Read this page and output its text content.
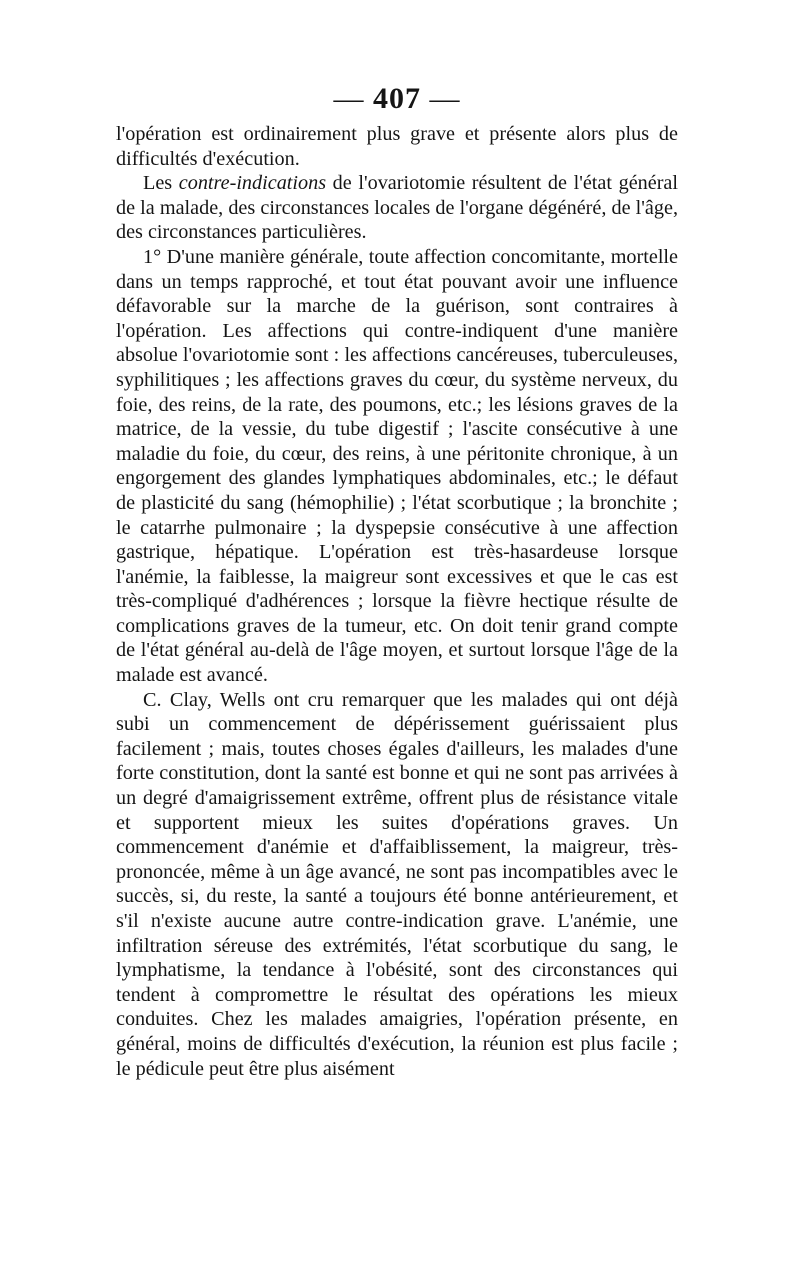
— 407 —

l'opération est ordinairement plus grave et présente alors plus de difficultés d'exécution.

Les contre-indications de l'ovariotomie résultent de l'état général de la malade, des circonstances locales de l'organe dégénéré, de l'âge, des circonstances particulières.

1° D'une manière générale, toute affection concomitante, mortelle dans un temps rapproché, et tout état pouvant avoir une influence défavorable sur la marche de la guérison, sont contraires à l'opération. Les affections qui contre-indiquent d'une manière absolue l'ovariotomie sont : les affections cancéreuses, tuberculeuses, syphilitiques ; les affections graves du cœur, du système nerveux, du foie, des reins, de la rate, des poumons, etc.; les lésions graves de la matrice, de la vessie, du tube digestif ; l'ascite consécutive à une maladie du foie, du cœur, des reins, à une péritonite chronique, à un engorgement des glandes lymphatiques abdominales, etc.; le défaut de plasticité du sang (hémophilie) ; l'état scorbutique ; la bronchite ; le catarrhe pulmonaire ; la dyspepsie consécutive à une affection gastrique, hépatique. L'opération est très-hasardeuse lorsque l'anémie, la faiblesse, la maigreur sont excessives et que le cas est très-compliqué d'adhérences ; lorsque la fièvre hectique résulte de complications graves de la tumeur, etc. On doit tenir grand compte de l'état général au-delà de l'âge moyen, et surtout lorsque l'âge de la malade est avancé.

C. Clay, Wells ont cru remarquer que les malades qui ont déjà subi un commencement de dépérissement guérissaient plus facilement ; mais, toutes choses égales d'ailleurs, les malades d'une forte constitution, dont la santé est bonne et qui ne sont pas arrivées à un degré d'amaigrissement extrême, offrent plus de résistance vitale et supportent mieux les suites d'opérations graves. Un commencement d'anémie et d'affaiblissement, la maigreur, très-prononcée, même à un âge avancé, ne sont pas incompatibles avec le succès, si, du reste, la santé a toujours été bonne antérieurement, et s'il n'existe aucune autre contre-indication grave. L'anémie, une infiltration séreuse des extrémités, l'état scorbutique du sang, le lymphatisme, la tendance à l'obésité, sont des circonstances qui tendent à compromettre le résultat des opérations les mieux conduites. Chez les malades amaigries, l'opération présente, en général, moins de difficultés d'exécution, la réunion est plus facile ; le pédicule peut être plus aisément
